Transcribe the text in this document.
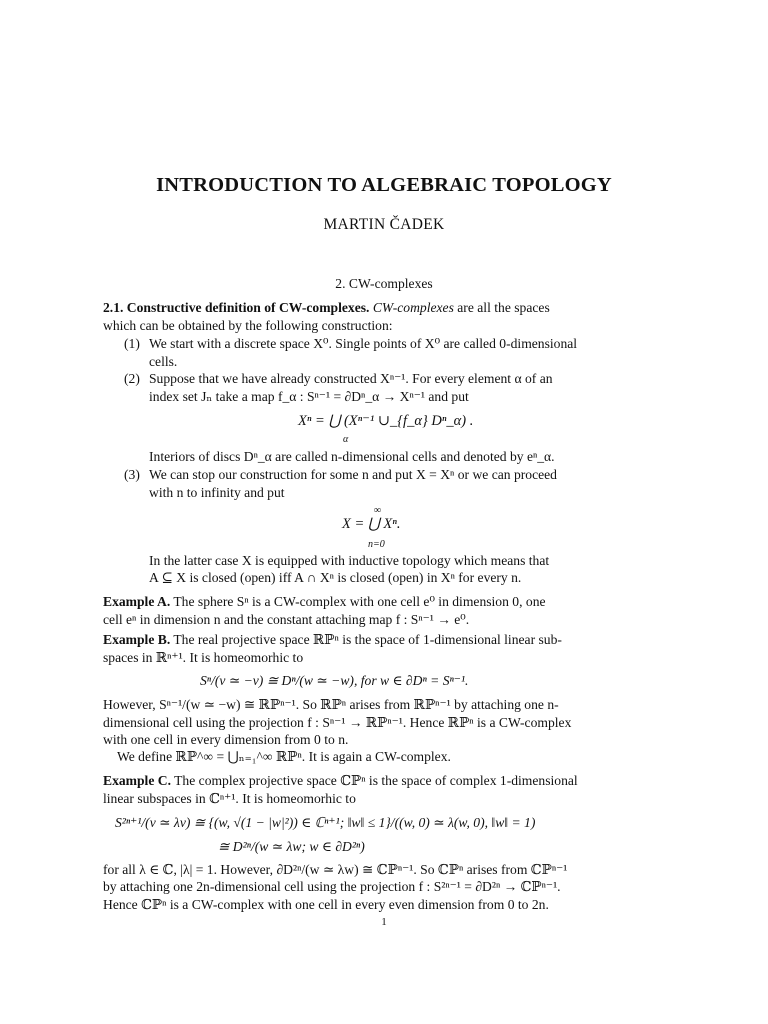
INTRODUCTION TO ALGEBRAIC TOPOLOGY
MARTIN ČADEK
2. CW-complexes
2.1. Constructive definition of CW-complexes. CW-complexes are all the spaces
which can be obtained by the following construction:
(1) We start with a discrete space X⁰. Single points of X⁰ are called 0-dimensional
cells.
(2) Suppose that we have already constructed Xⁿ⁻¹. For every element α of an
index set Jₙ take a map f_α : Sⁿ⁻¹ = ∂Dⁿ_α → Xⁿ⁻¹ and put
Xⁿ = ⋃ (Xⁿ⁻¹ ∪_{f_α} Dⁿ_α) .
α
Interiors of discs Dⁿ_α are called n-dimensional cells and denoted by eⁿ_α.
(3) We can stop our construction for some n and put X = Xⁿ or we can proceed
with n to infinity and put
∞
X = ⋃ Xⁿ.
n=0
In the latter case X is equipped with inductive topology which means that
A ⊆ X is closed (open) iff A ∩ Xⁿ is closed (open) in Xⁿ for every n.
Example A. The sphere Sⁿ is a CW-complex with one cell e⁰ in dimension 0, one
cell eⁿ in dimension n and the constant attaching map f : Sⁿ⁻¹ → e⁰.
Example B. The real projective space ℝℙⁿ is the space of 1-dimensional linear sub-
spaces in ℝⁿ⁺¹. It is homeomorhic to
Sⁿ/(v ≃ −v) ≅ Dⁿ/(w ≃ −w), for w ∈ ∂Dⁿ = Sⁿ⁻¹.
However, Sⁿ⁻¹/(w ≃ −w) ≅ ℝℙⁿ⁻¹. So ℝℙⁿ arises from ℝℙⁿ⁻¹ by attaching one n-
dimensional cell using the projection f : Sⁿ⁻¹ → ℝℙⁿ⁻¹. Hence ℝℙⁿ is a CW-complex
with one cell in every dimension from 0 to n.
We define ℝℙ^∞ = ⋃ₙ₌₁^∞ ℝℙⁿ. It is again a CW-complex.
Example C. The complex projective space ℂℙⁿ is the space of complex 1-dimensional
linear subspaces in ℂⁿ⁺¹. It is homeomorhic to
S²ⁿ⁺¹/(v ≃ λv) ≅ {(w, √(1 − |w|²)) ∈ ℂⁿ⁺¹; ‖w‖ ≤ 1}/((w, 0) ≃ λ(w, 0), ‖w‖ = 1)
≅ D²ⁿ/(w ≃ λw; w ∈ ∂D²ⁿ)
for all λ ∈ ℂ, |λ| = 1. However, ∂D²ⁿ/(w ≃ λw) ≅ ℂℙⁿ⁻¹. So ℂℙⁿ arises from ℂℙⁿ⁻¹
by attaching one 2n-dimensional cell using the projection f : S²ⁿ⁻¹ = ∂D²ⁿ → ℂℙⁿ⁻¹.
Hence ℂℙⁿ is a CW-complex with one cell in every even dimension from 0 to 2n.
1
